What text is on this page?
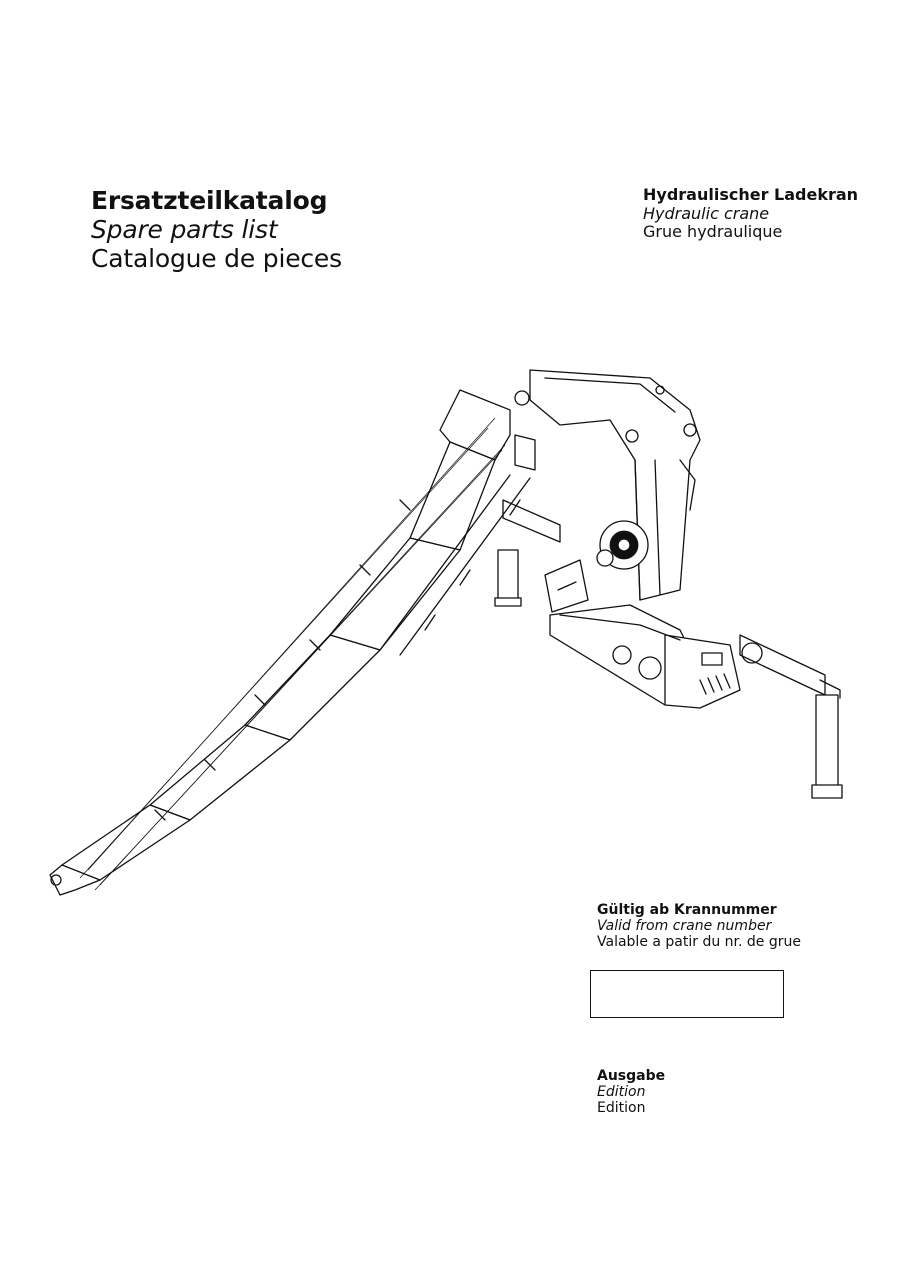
Ersatzteilkatalog
Spare parts list
Catalogue de pieces
Hydraulischer Ladekran
Hydraulic crane
Grue hydraulique
Gültig ab Krannummer
Valid from crane number
Valable a patir du nr. de grue
Ausgabe
Edition
Edition
